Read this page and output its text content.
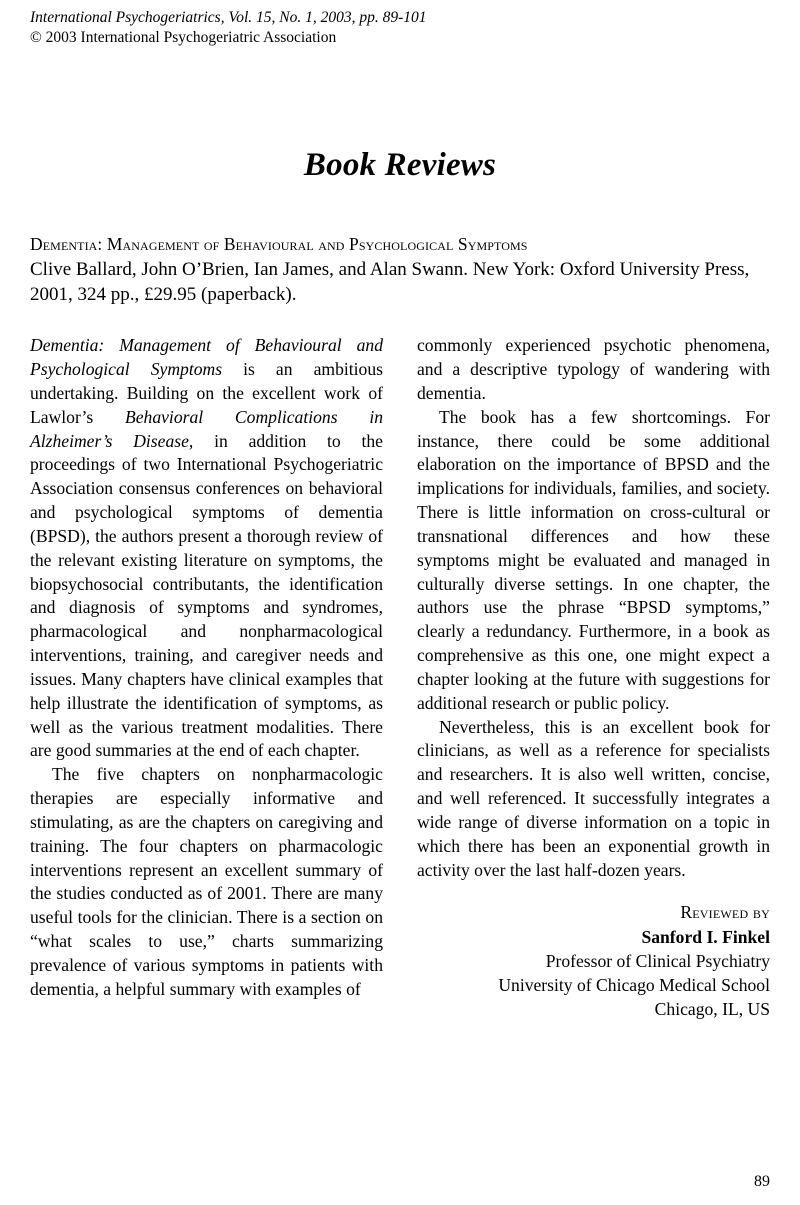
International Psychogeriatrics, Vol. 15, No. 1, 2003, pp. 89-101
© 2003 International Psychogeriatric Association
Book Reviews
Dementia: Management of Behavioural and Psychological Symptoms
Clive Ballard, John O’Brien, Ian James, and Alan Swann. New York: Oxford University Press, 2001, 324 pp., £29.95 (paperback).

Dementia: Management of Behavioural and Psychological Symptoms is an ambitious undertaking. Building on the excellent work of Lawlor’s Behavioral Complications in Alzheimer’s Disease, in addition to the proceedings of two International Psychogeriatric Association consensus conferences on behavioral and psychological symptoms of dementia (BPSD), the authors present a thorough review of the relevant existing literature on symptoms, the biopsychosocial contributants, the identification and diagnosis of symptoms and syndromes, pharmacological and nonpharmacological interventions, training, and caregiver needs and issues. Many chapters have clinical examples that help illustrate the identification of symptoms, as well as the various treatment modalities. There are good summaries at the end of each chapter.

The five chapters on nonpharmacologic therapies are especially informative and stimulating, as are the chapters on caregiving and training. The four chapters on pharmacologic interventions represent an excellent summary of the studies conducted as of 2001. There are many useful tools for the clinician. There is a section on “what scales to use,” charts summarizing prevalence of various symptoms in patients with dementia, a helpful summary with examples of

commonly experienced psychotic phenomena, and a descriptive typology of wandering with dementia.

The book has a few shortcomings. For instance, there could be some additional elaboration on the importance of BPSD and the implications for individuals, families, and society. There is little information on cross-cultural or transnational differences and how these symptoms might be evaluated and managed in culturally diverse settings. In one chapter, the authors use the phrase “BPSD symptoms,” clearly a redundancy. Furthermore, in a book as comprehensive as this one, one might expect a chapter looking at the future with suggestions for additional research or public policy.

Nevertheless, this is an excellent book for clinicians, as well as a reference for specialists and researchers. It is also well written, concise, and well referenced. It successfully integrates a wide range of diverse information on a topic in which there has been an exponential growth in activity over the last half-dozen years.

Reviewed by
Sanford I. Finkel
Professor of Clinical Psychiatry
University of Chicago Medical School
Chicago, IL, US
89
